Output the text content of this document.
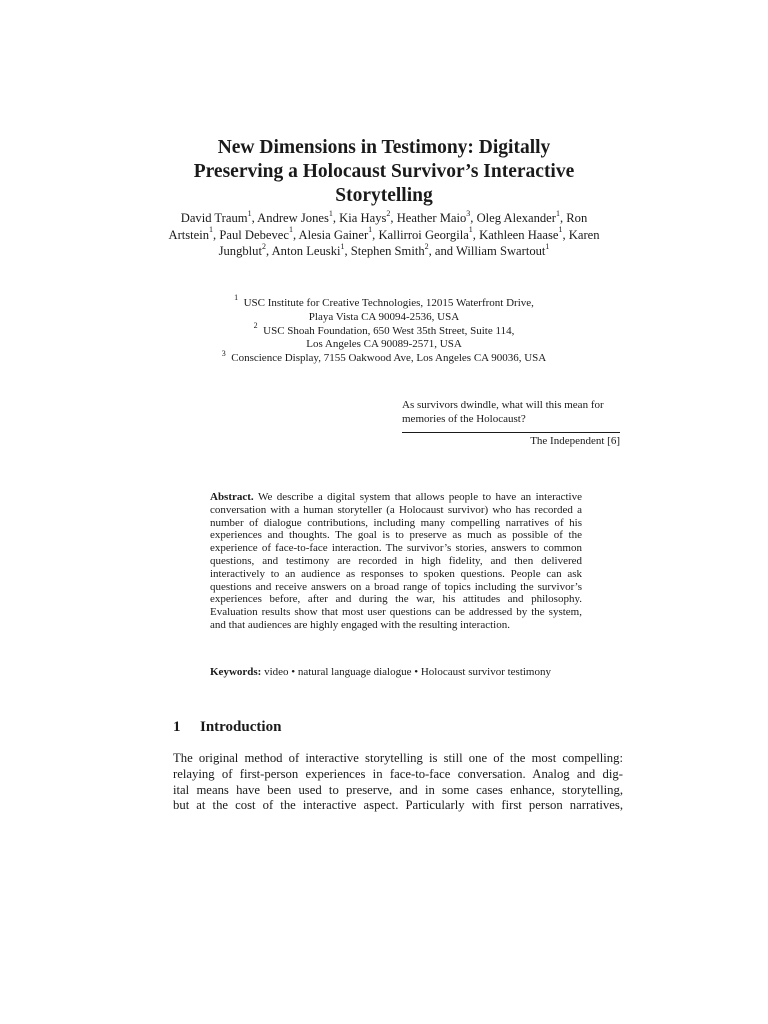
New Dimensions in Testimony: Digitally
Preserving a Holocaust Survivor’s Interactive
Storytelling
David Traum$^1$, Andrew Jones$^1$, Kia Hays$^2$, Heather Maio$^3$, Oleg Alexander$^1$, Ron Artstein$^1$, Paul Debevec$^1$, Alesia Gainer$^1$, Kallirroi Georgila$^1$, Kathleen Haase$^1$, Karen Jungblut$^2$, Anton Leuski$^1$, Stephen Smith$^2$, and William Swartout$^1$
$^1$ USC Institute for Creative Technologies, 12015 Waterfront Drive,
Playa Vista CA 90094-2536, USA
$^2$ USC Shoah Foundation, 650 West 35th Street, Suite 114,
Los Angeles CA 90089-2571, USA
$^3$ Conscience Display, 7155 Oakwood Ave, Los Angeles CA 90036, USA
As survivors dwindle, what will this mean for memories of the Holocaust?
The Independent [6]
Abstract. We describe a digital system that allows people to have an interactive conversation with a human storyteller (a Holocaust survivor) who has recorded a number of dialogue contributions, including many compelling narratives of his experiences and thoughts. The goal is to preserve as much as possible of the experience of face-to-face interaction. The survivor’s stories, answers to common questions, and testimony are recorded in high fidelity, and then delivered interactively to an audience as responses to spoken questions. People can ask questions and receive answers on a broad range of topics including the survivor’s experiences before, after and during the war, his attitudes and philosophy. Evaluation results show that most user questions can be addressed by the system, and that audiences are highly engaged with the resulting interaction.
Keywords: video • natural language dialogue • Holocaust survivor testimony
1 Introduction
The original method of interactive storytelling is still one of the most compelling:
relaying of first-person experiences in face-to-face conversation. Analog and dig-
ital means have been used to preserve, and in some cases enhance, storytelling,
but at the cost of the interactive aspect. Particularly with first person narratives,
